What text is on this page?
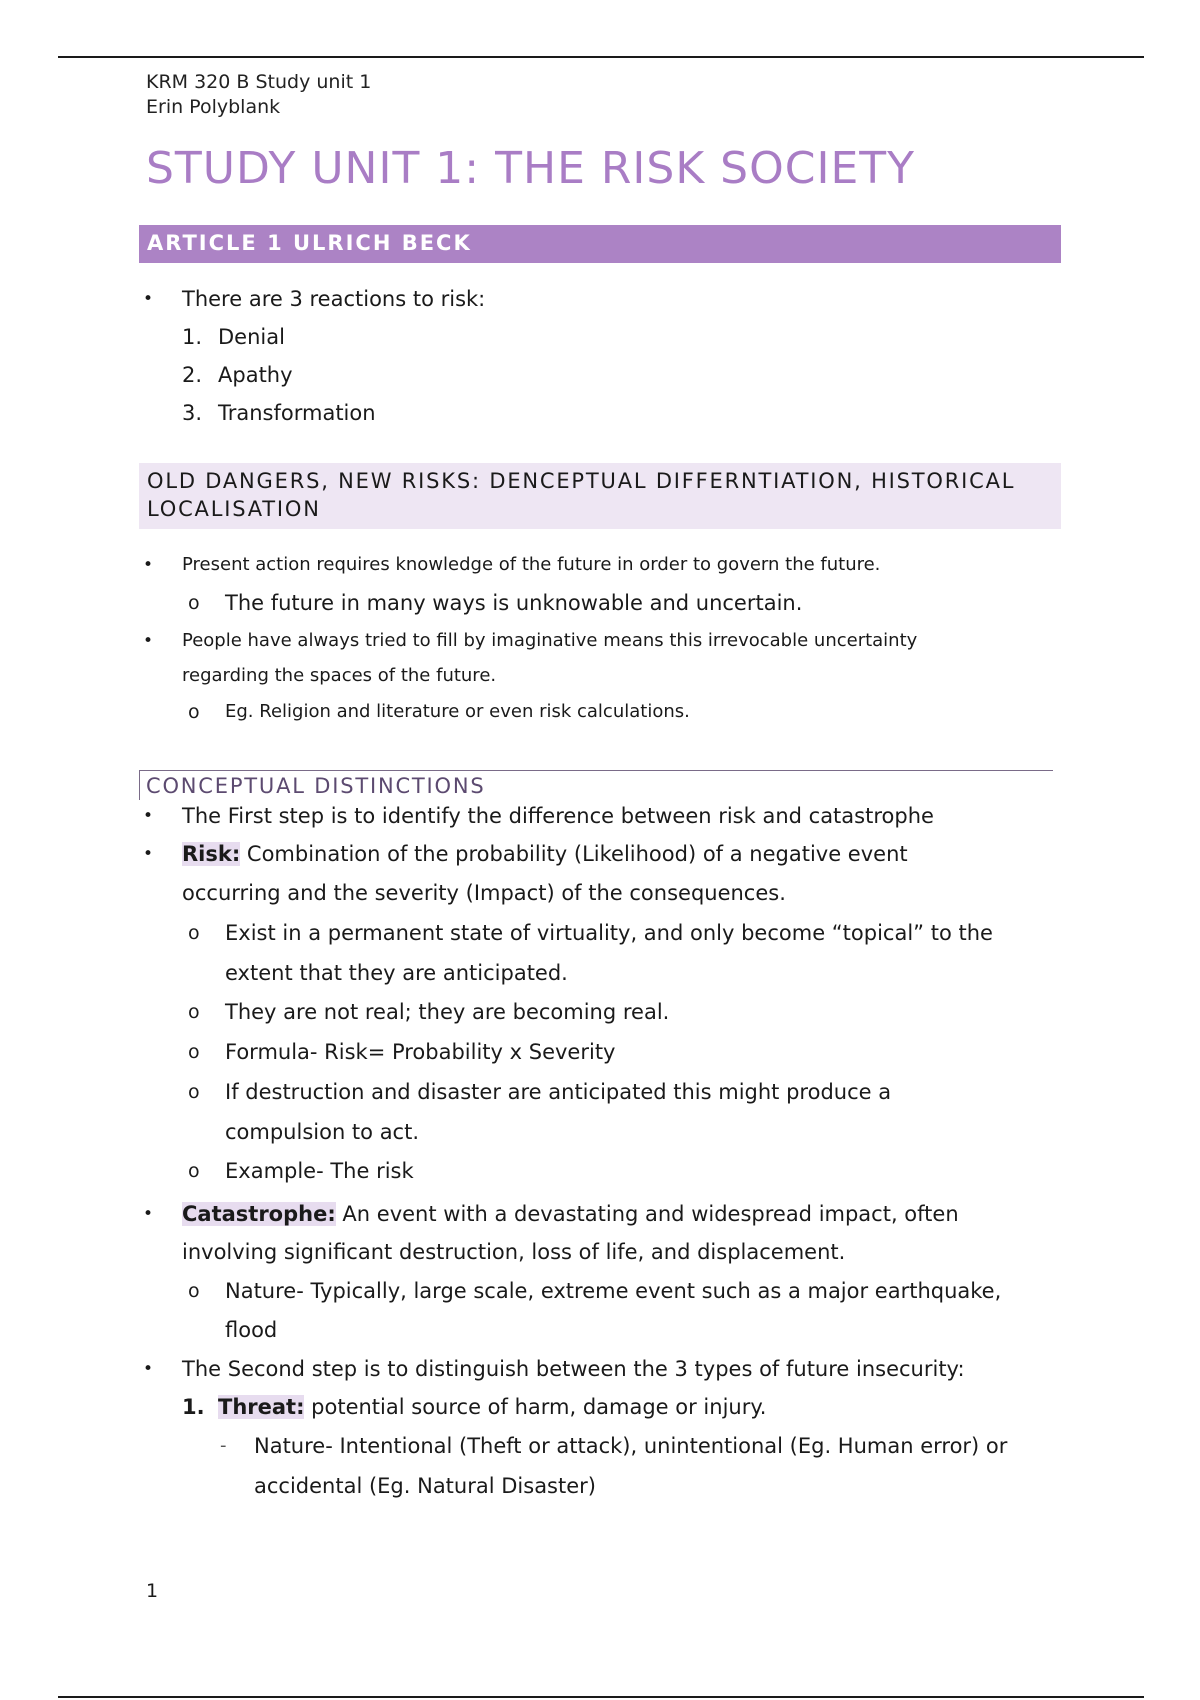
KRM 320 B Study unit 1
Erin Polyblank
STUDY UNIT 1: THE RISK SOCIETY
ARTICLE 1 ULRICH BECK
• There are 3 reactions to risk:
1. Denial
2. Apathy
3. Transformation
OLD DANGERS, NEW RISKS: DENCEPTUAL DIFFERNTIATION, HISTORICAL
LOCALISATION
• Present action requires knowledge of the future in order to govern the future.
o The future in many ways is unknowable and uncertain.
• People have always tried to fill by imaginative means this irrevocable uncertainty
regarding the spaces of the future.
o Eg. Religion and literature or even risk calculations.
CONCEPTUAL DISTINCTIONS
• The First step is to identify the difference between risk and catastrophe
• Risk: Combination of the probability (Likelihood) of a negative event
occurring and the severity (Impact) of the consequences.
o Exist in a permanent state of virtuality, and only become “topical” to the
extent that they are anticipated.
o They are not real; they are becoming real.
o Formula- Risk= Probability x Severity
o If destruction and disaster are anticipated this might produce a
compulsion to act.
o Example- The risk
• Catastrophe: An event with a devastating and widespread impact, often
involving significant destruction, loss of life, and displacement.
o Nature- Typically, large scale, extreme event such as a major earthquake,
flood
• The Second step is to distinguish between the 3 types of future insecurity:
1. Threat: potential source of harm, damage or injury.
- Nature- Intentional (Theft or attack), unintentional (Eg. Human error) or
accidental (Eg. Natural Disaster)
1
